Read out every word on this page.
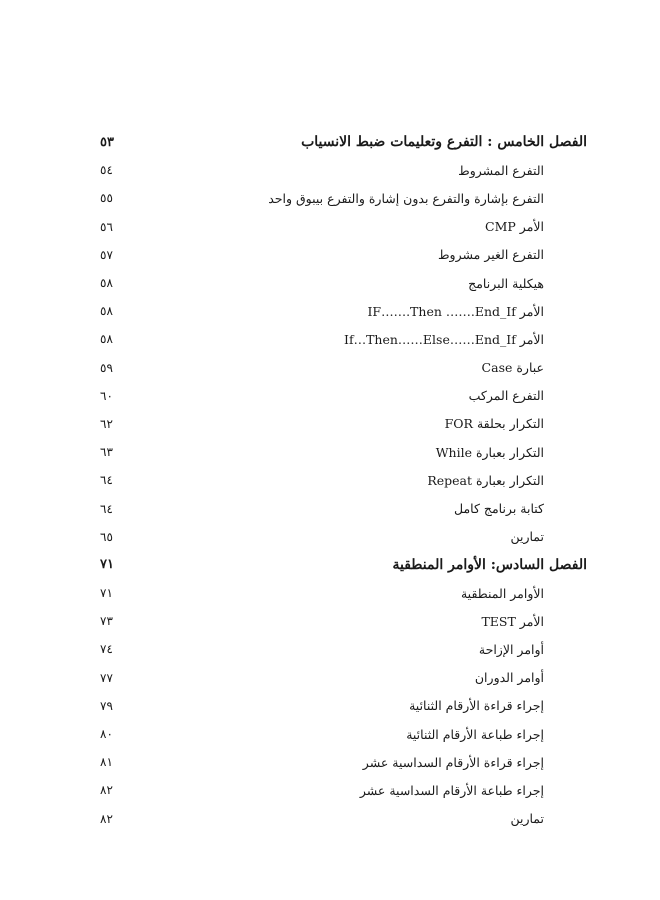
الفصل الخامس : التفرع وتعليمات ضبط الانسياب
٥٣
التفرع المشروط
٥٤
التفرع بإشارة والتفرع بدون إشارة والتفرع بيبوق واحد
٥٥
الأمر CMP
٥٦
التفرع الغير مشروط
٥٧
هيكلية البرنامج
٥٨
الأمر IF…….Then …….End_If
٥٨
الأمر If…Then……Else……End_If
٥٨
عبارة Case
٥٩
التفرع المركب
٦٠
التكرار بحلقة FOR
٦٢
التكرار بعبارة While
٦٣
التكرار بعبارة Repeat
٦٤
كتابة برنامج كامل
٦٤
تمارين
٦٥
الفصل السادس: الأوامر المنطقية
٧١
الأوامر المنطقية
٧١
الأمر TEST
٧٣
أوامر الإزاحة
٧٤
أوامر الدوران
٧٧
إجراء قراءة الأرقام الثنائية
٧٩
إجراء طباعة الأرقام الثنائية
٨٠
إجراء قراءة الأرقام السداسية عشر
٨١
إجراء طباعة الأرقام السداسية عشر
٨٢
تمارين
٨٢
